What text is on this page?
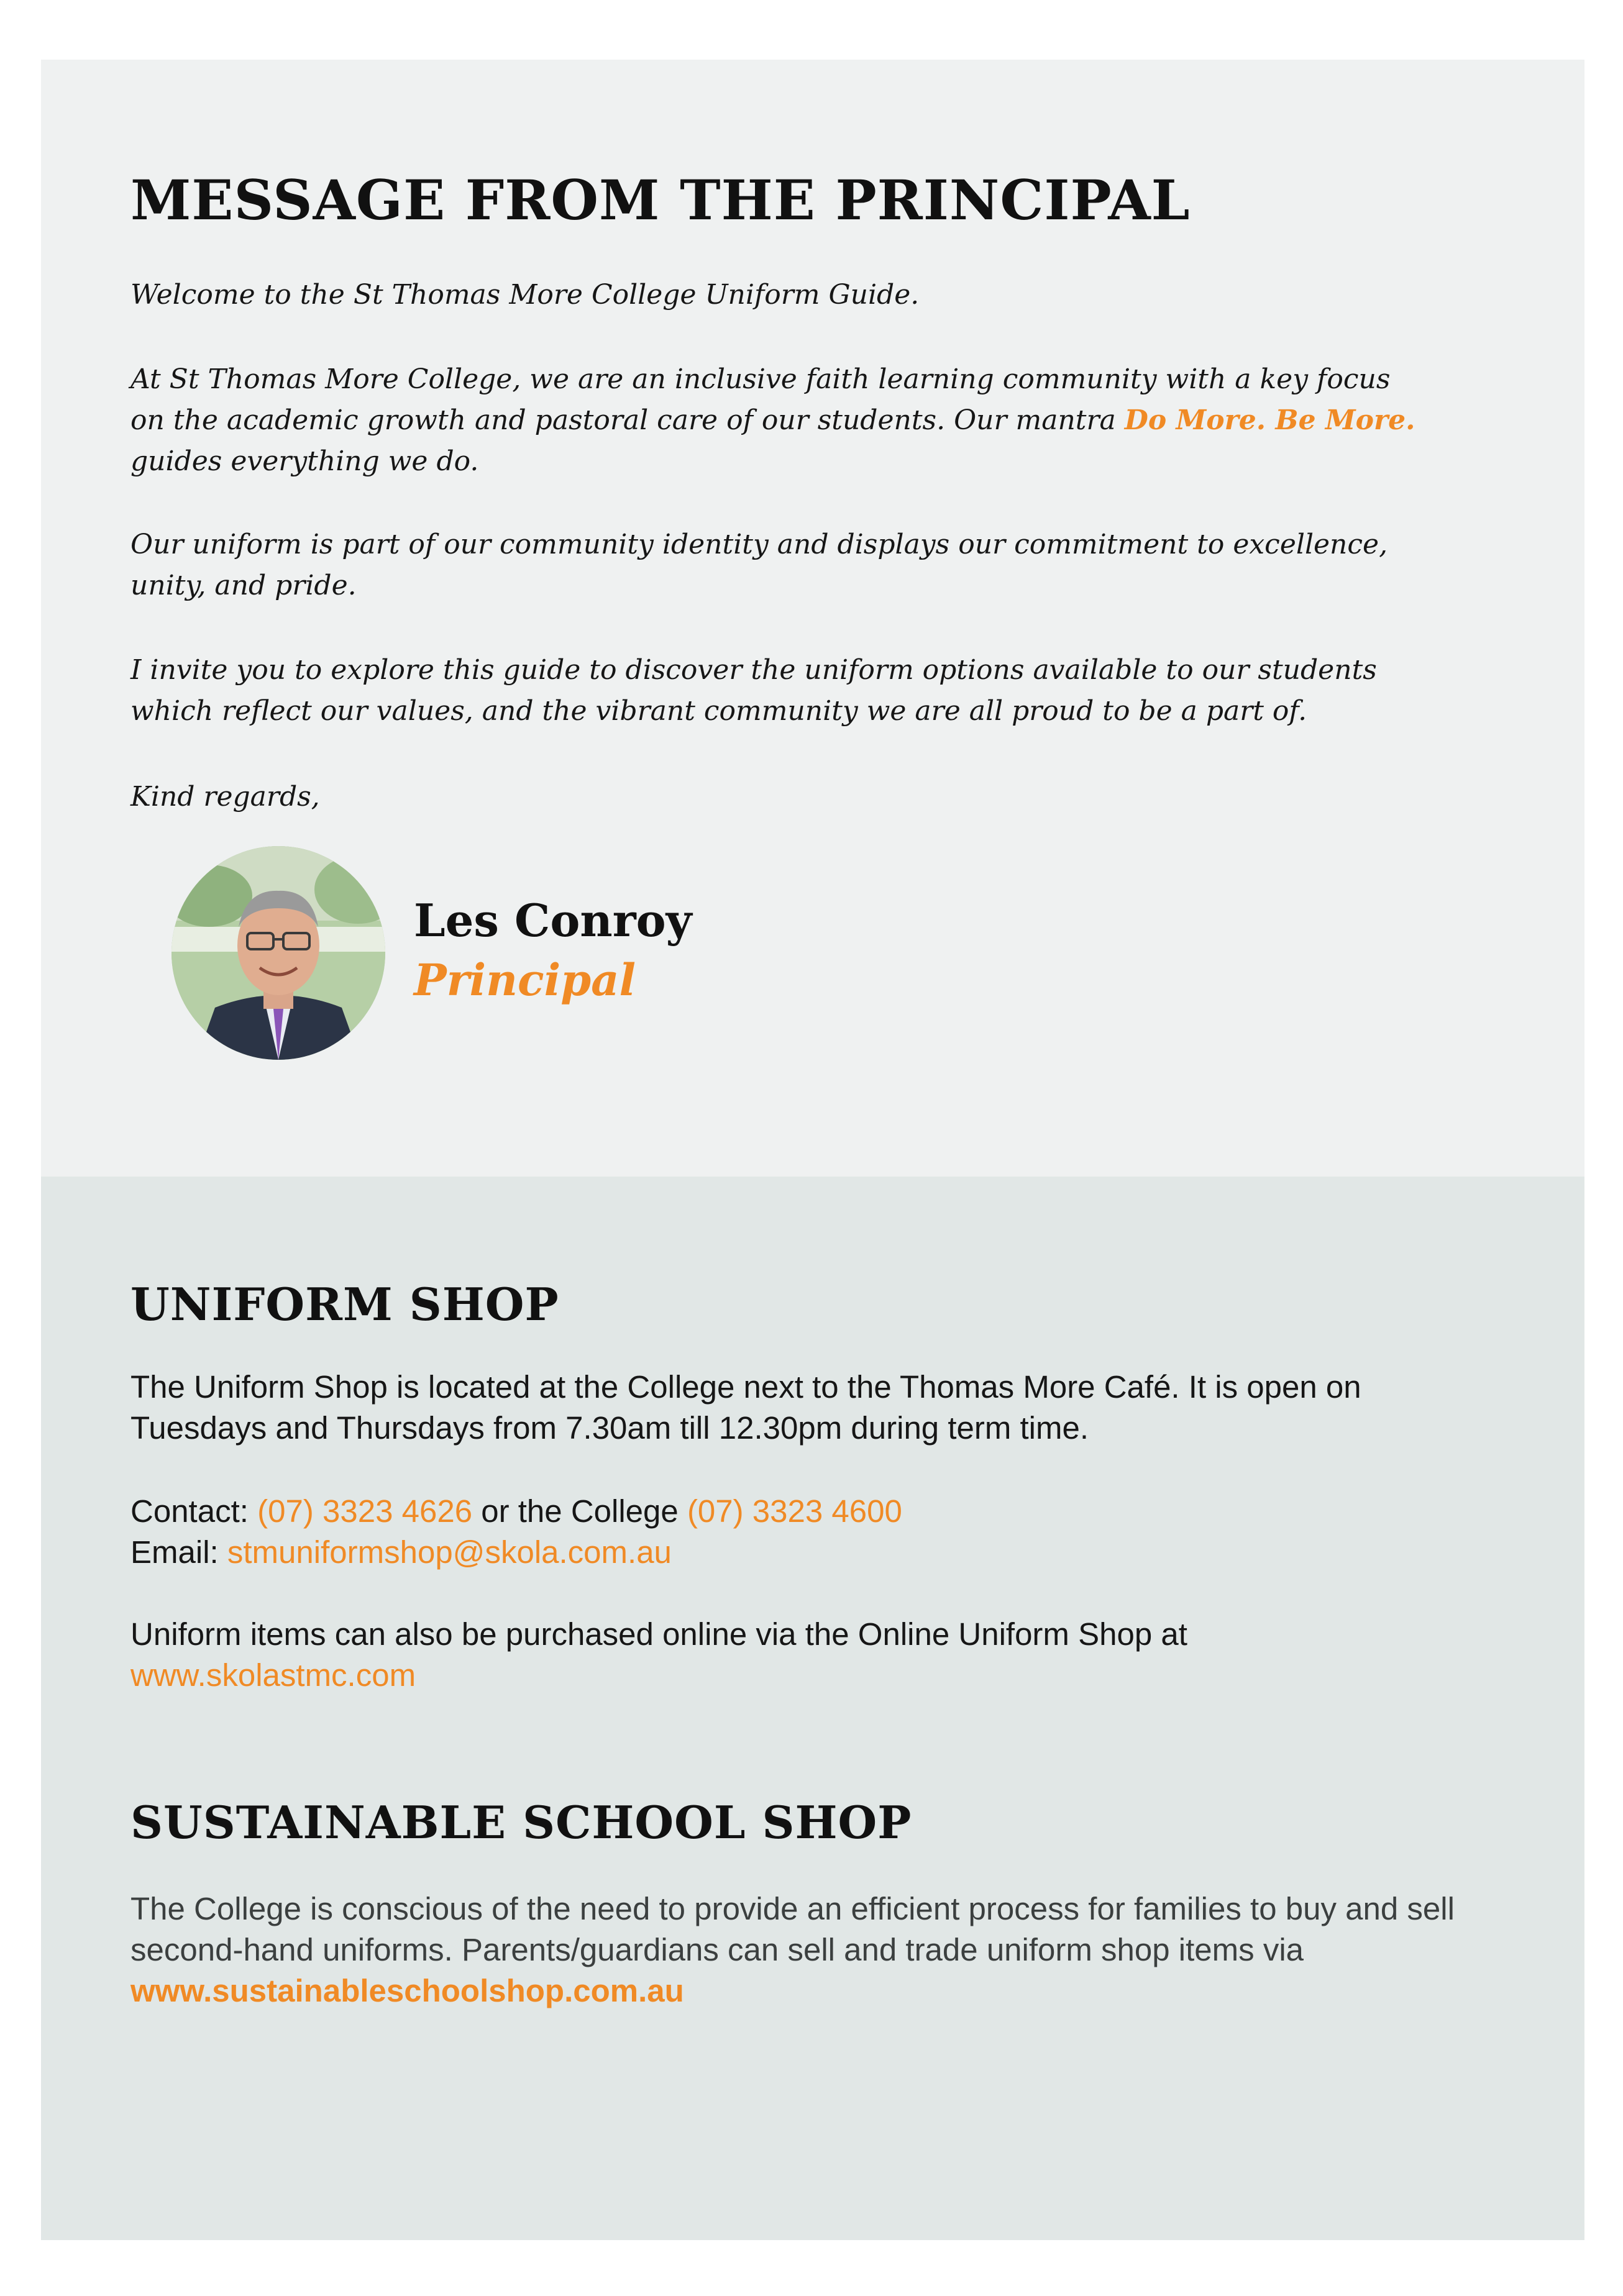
MESSAGE FROM THE PRINCIPAL

Welcome to the St Thomas More College Uniform Guide.

At St Thomas More College, we are an inclusive faith learning community with a key focus on the academic growth and pastoral care of our students. Our mantra Do More. Be More. guides everything we do.

Our uniform is part of our community identity and displays our commitment to excellence, unity, and pride.

I invite you to explore this guide to discover the uniform options available to our students which reflect our values, and the vibrant community we are all proud to be a part of.

Kind regards,

Les Conroy
Principal
UNIFORM SHOP

The Uniform Shop is located at the College next to the Thomas More Café. It is open on Tuesdays and Thursdays from 7.30am till 12.30pm during term time.

Contact: (07) 3323 4626 or the College (07) 3323 4600

Email: stmuniformshop@skola.com.au

Uniform items can also be purchased online via the Online Uniform Shop at

www.skolastmc.com

SUSTAINABLE SCHOOL SHOP

The College is conscious of the need to provide an efficient process for families to buy and sell second-hand uniforms. Parents/guardians can sell and trade uniform shop items via www.sustainableschoolshop.com.au
